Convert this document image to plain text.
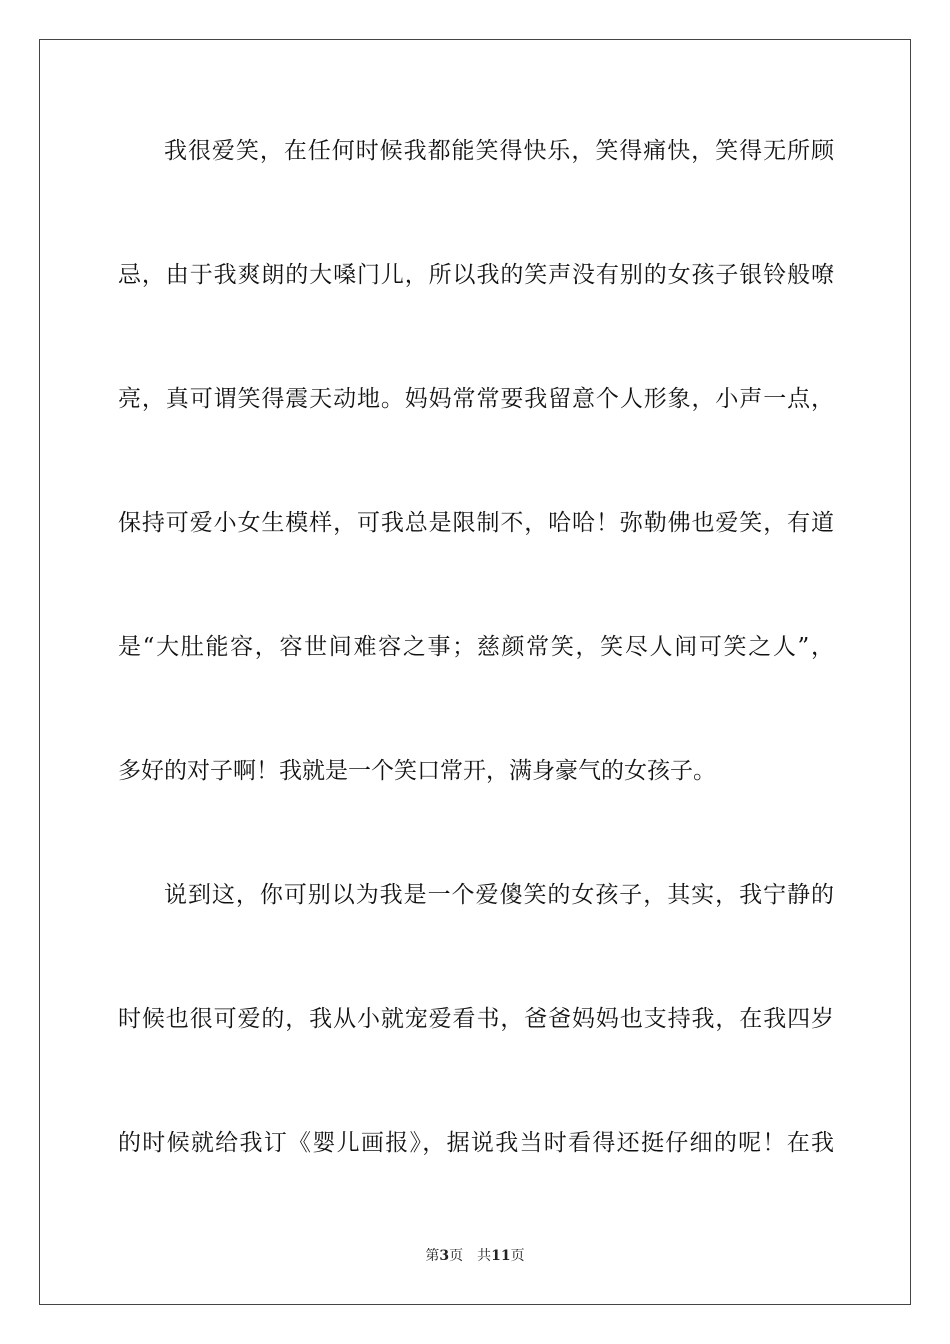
我很爱笑，在任何时候我都能笑得快乐，笑得痛快，笑得无所顾
忌，由于我爽朗的大嗓门儿，所以我的笑声没有别的女孩子银铃般嘹
亮，真可谓笑得震天动地。妈妈常常要我留意个人形象，小声一点，
保持可爱小女生模样，可我总是限制不，哈哈！弥勒佛也爱笑，有道
是“大肚能容，容世间难容之事；慈颜常笑，笑尽人间可笑之人”，
多好的对子啊！我就是一个笑口常开，满身豪气的女孩子。
说到这，你可别以为我是一个爱傻笑的女孩子，其实，我宁静的
时候也很可爱的，我从小就宠爱看书，爸爸妈妈也支持我，在我四岁
的时候就给我订《婴儿画报》，据说我当时看得还挺仔细的呢！在我
第3页 共11页
